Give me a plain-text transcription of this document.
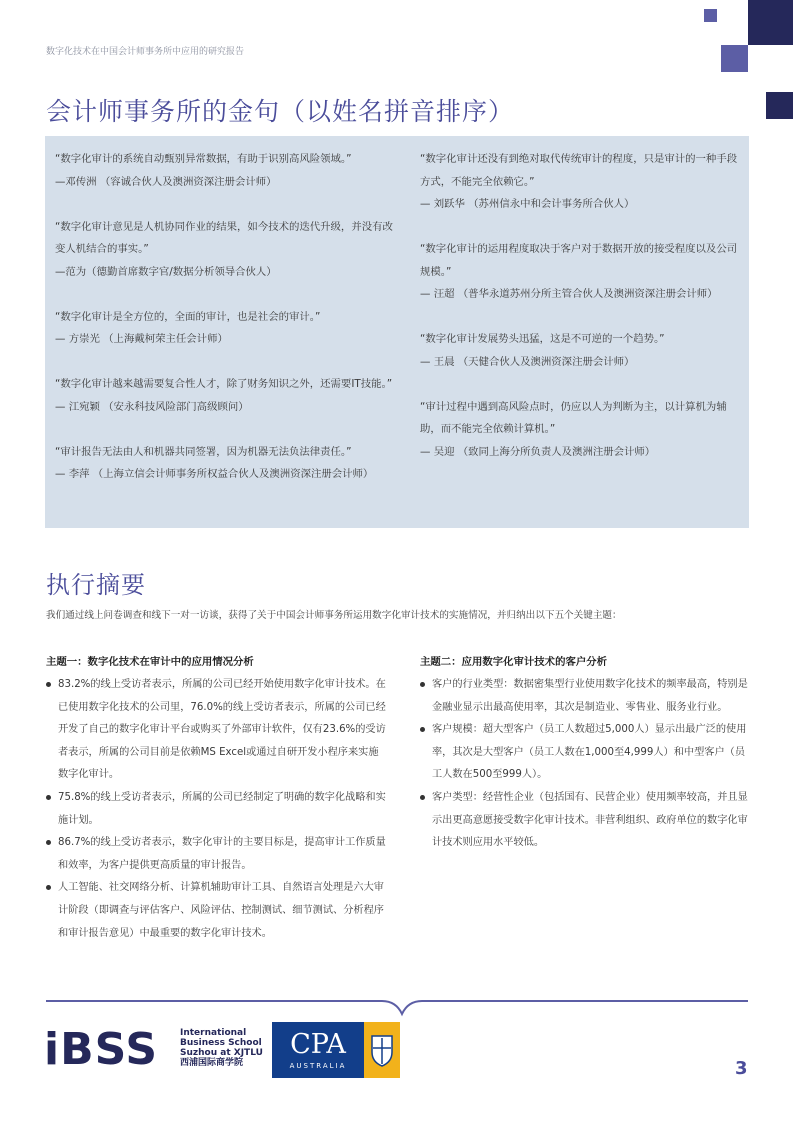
数字化技术在中国会计师事务所中应用的研究报告
会计师事务所的金句（以姓名拼音排序）
“数字化审计的系统自动甄别异常数据，有助于识别高风险领域。”
—邓传洲 （容诚合伙人及澳洲资深注册会计师）
“数字化审计意见是人机协同作业的结果，如今技术的迭代升级，并没有改变人机结合的事实。”
—范为（德勤首席数字官/数据分析领导合伙人）
“数字化审计是全方位的，全面的审计，也是社会的审计。”
— 方崇光 （上海戴柯荣主任会计师）
“数字化审计越来越需要复合性人才，除了财务知识之外，还需要IT技能。”
— 江宛颖 （安永科技风险部门高级顾问）
“审计报告无法由人和机器共同签署，因为机器无法负法律责任。”
— 李萍 （上海立信会计师事务所权益合伙人及澳洲资深注册会计师）
“数字化审计还没有到绝对取代传统审计的程度，只是审计的一种手段方式，不能完全依赖它。”
— 刘跃华 （苏州信永中和会计事务所合伙人）
“数字化审计的运用程度取决于客户对于数据开放的接受程度以及公司规模。”
— 汪超 （普华永道苏州分所主管合伙人及澳洲资深注册会计师）
“数字化审计发展势头迅猛，这是不可逆的一个趋势。”
— 王晨 （天健合伙人及澳洲资深注册会计师）
“审计过程中遇到高风险点时，仍应以人为判断为主，以计算机为辅助，而不能完全依赖计算机。”
— 吴迎 （致同上海分所负责人及澳洲注册会计师）
执行摘要
我们通过线上问卷调查和线下一对一访谈，获得了关于中国会计师事务所运用数字化审计技术的实施情况，并归纳出以下五个关键主题：
主题一：数字化技术在审计中的应用情况分析
83.2%的线上受访者表示，所属的公司已经开始使用数字化审计技术。在已使用数字化技术的公司里，76.0%的线上受访者表示，所属的公司已经开发了自己的数字化审计平台或购买了外部审计软件，仅有23.6%的受访者表示，所属的公司目前是依赖MS Excel或通过自研开发小程序来实施数字化审计。
75.8%的线上受访者表示，所属的公司已经制定了明确的数字化战略和实施计划。
86.7%的线上受访者表示，数字化审计的主要目标是，提高审计工作质量和效率，为客户提供更高质量的审计报告。
人工智能、社交网络分析、计算机辅助审计工具、自然语言处理是六大审计阶段（即调查与评估客户、风险评估、控制测试、细节测试、分析程序和审计报告意见）中最重要的数字化审计技术。
主题二：应用数字化审计技术的客户分析
客户的行业类型：数据密集型行业使用数字化技术的频率最高，特别是金融业显示出最高使用率，其次是制造业、零售业、服务业行业。
客户规模：超大型客户（员工人数超过5,000人）显示出最广泛的使用率，其次是大型客户（员工人数在1,000至4,999人）和中型客户（员工人数在500至999人）。
客户类型：经营性企业（包括国有、民营企业）使用频率较高，并且显示出更高意愿接受数字化审计技术。非营利组织、政府单位的数字化审计技术则应用水平较低。
iBSS International
Business School
Suzhou at XJTLU
西浦国际商学院
CPA
AUSTRALIA	3
